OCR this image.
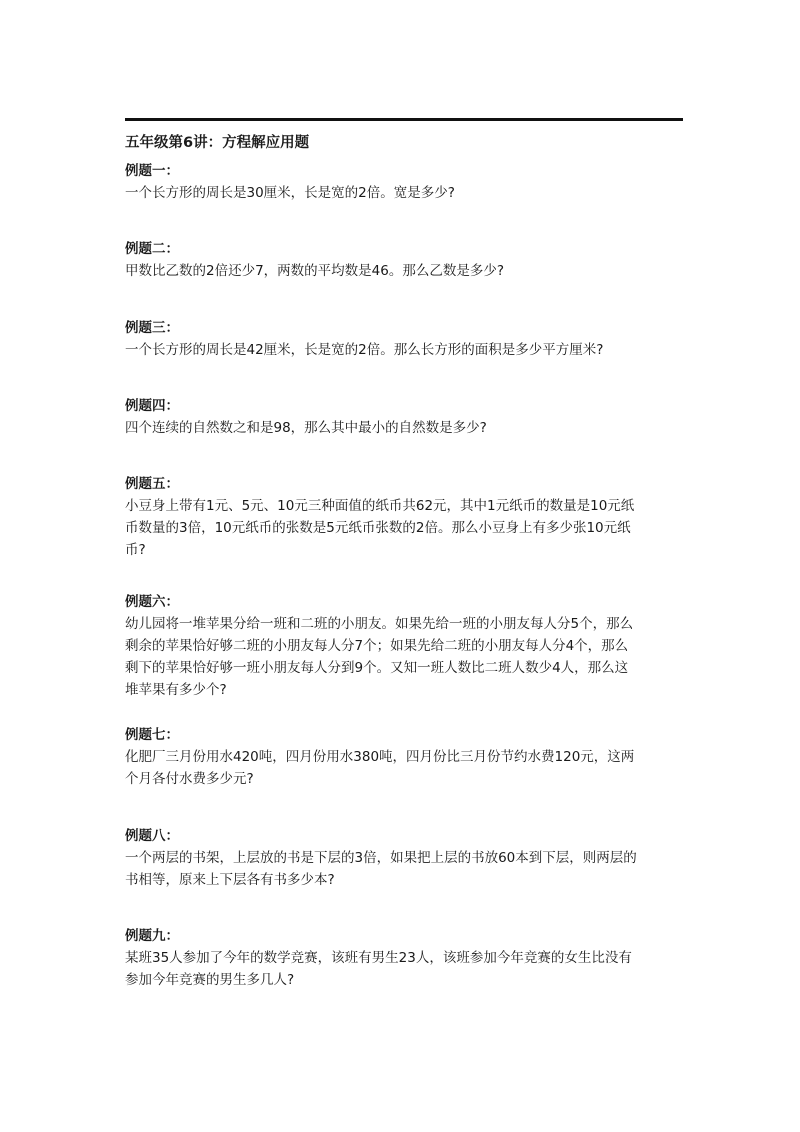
五年级第6讲：方程解应用题
例题一：
一个长方形的周长是30厘米，长是宽的2倍。宽是多少?
例题二：
甲数比乙数的2倍还少7，两数的平均数是46。那么乙数是多少?
例题三：
一个长方形的周长是42厘米，长是宽的2倍。那么长方形的面积是多少平方厘米?
例题四：
四个连续的自然数之和是98，那么其中最小的自然数是多少?
例题五：
小豆身上带有1元、5元、10元三种面值的纸币共62元，其中1元纸币的数量是10元纸
币数量的3倍，10元纸币的张数是5元纸币张数的2倍。那么小豆身上有多少张10元纸
币?
例题六：
幼儿园将一堆苹果分给一班和二班的小朋友。如果先给一班的小朋友每人分5个，那么
剩余的苹果恰好够二班的小朋友每人分7个；如果先给二班的小朋友每人分4个，那么
剩下的苹果恰好够一班小朋友每人分到9个。又知一班人数比二班人数少4人，那么这
堆苹果有多少个?
例题七：
化肥厂三月份用水420吨，四月份用水380吨，四月份比三月份节约水费120元，这两
个月各付水费多少元?
例题八：
一个两层的书架，上层放的书是下层的3倍，如果把上层的书放60本到下层，则两层的
书相等，原来上下层各有书多少本?
例题九：
某班35人参加了今年的数学竞赛，该班有男生23人，该班参加今年竞赛的女生比没有
参加今年竞赛的男生多几人?
